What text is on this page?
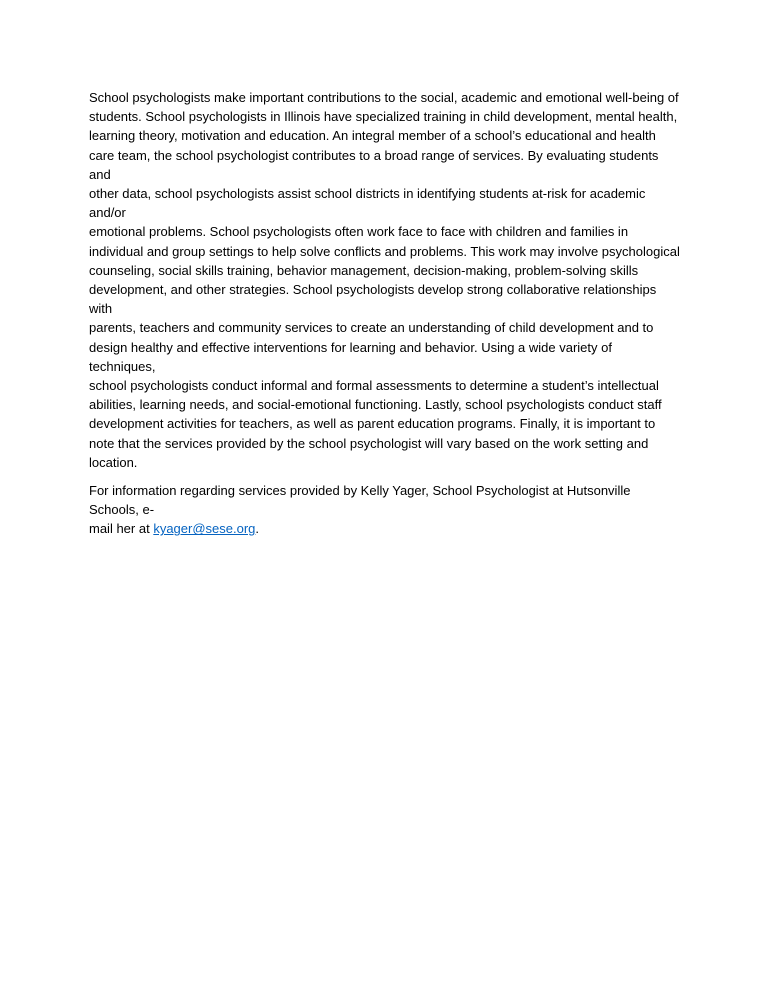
School psychologists make important contributions to the social, academic and emotional well-being of
students. School psychologists in Illinois have specialized training in child development, mental health,
learning theory, motivation and education. An integral member of a school’s educational and health
care team, the school psychologist contributes to a broad range of services. By evaluating students and
other data, school psychologists assist school districts in identifying students at-risk for academic and/or
emotional problems. School psychologists often work face to face with children and families in
individual and group settings to help solve conflicts and problems. This work may involve psychological
counseling, social skills training, behavior management, decision-making, problem-solving skills
development, and other strategies. School psychologists develop strong collaborative relationships with
parents, teachers and community services to create an understanding of child development and to
design healthy and effective interventions for learning and behavior. Using a wide variety of techniques,
school psychologists conduct informal and formal assessments to determine a student’s intellectual
abilities, learning needs, and social-emotional functioning. Lastly, school psychologists conduct staff
development activities for teachers, as well as parent education programs. Finally, it is important to
note that the services provided by the school psychologist will vary based on the work setting and
location.

For information regarding services provided by Kelly Yager, School Psychologist at Hutsonville Schools, e-
mail her at kyager@sese.org.
